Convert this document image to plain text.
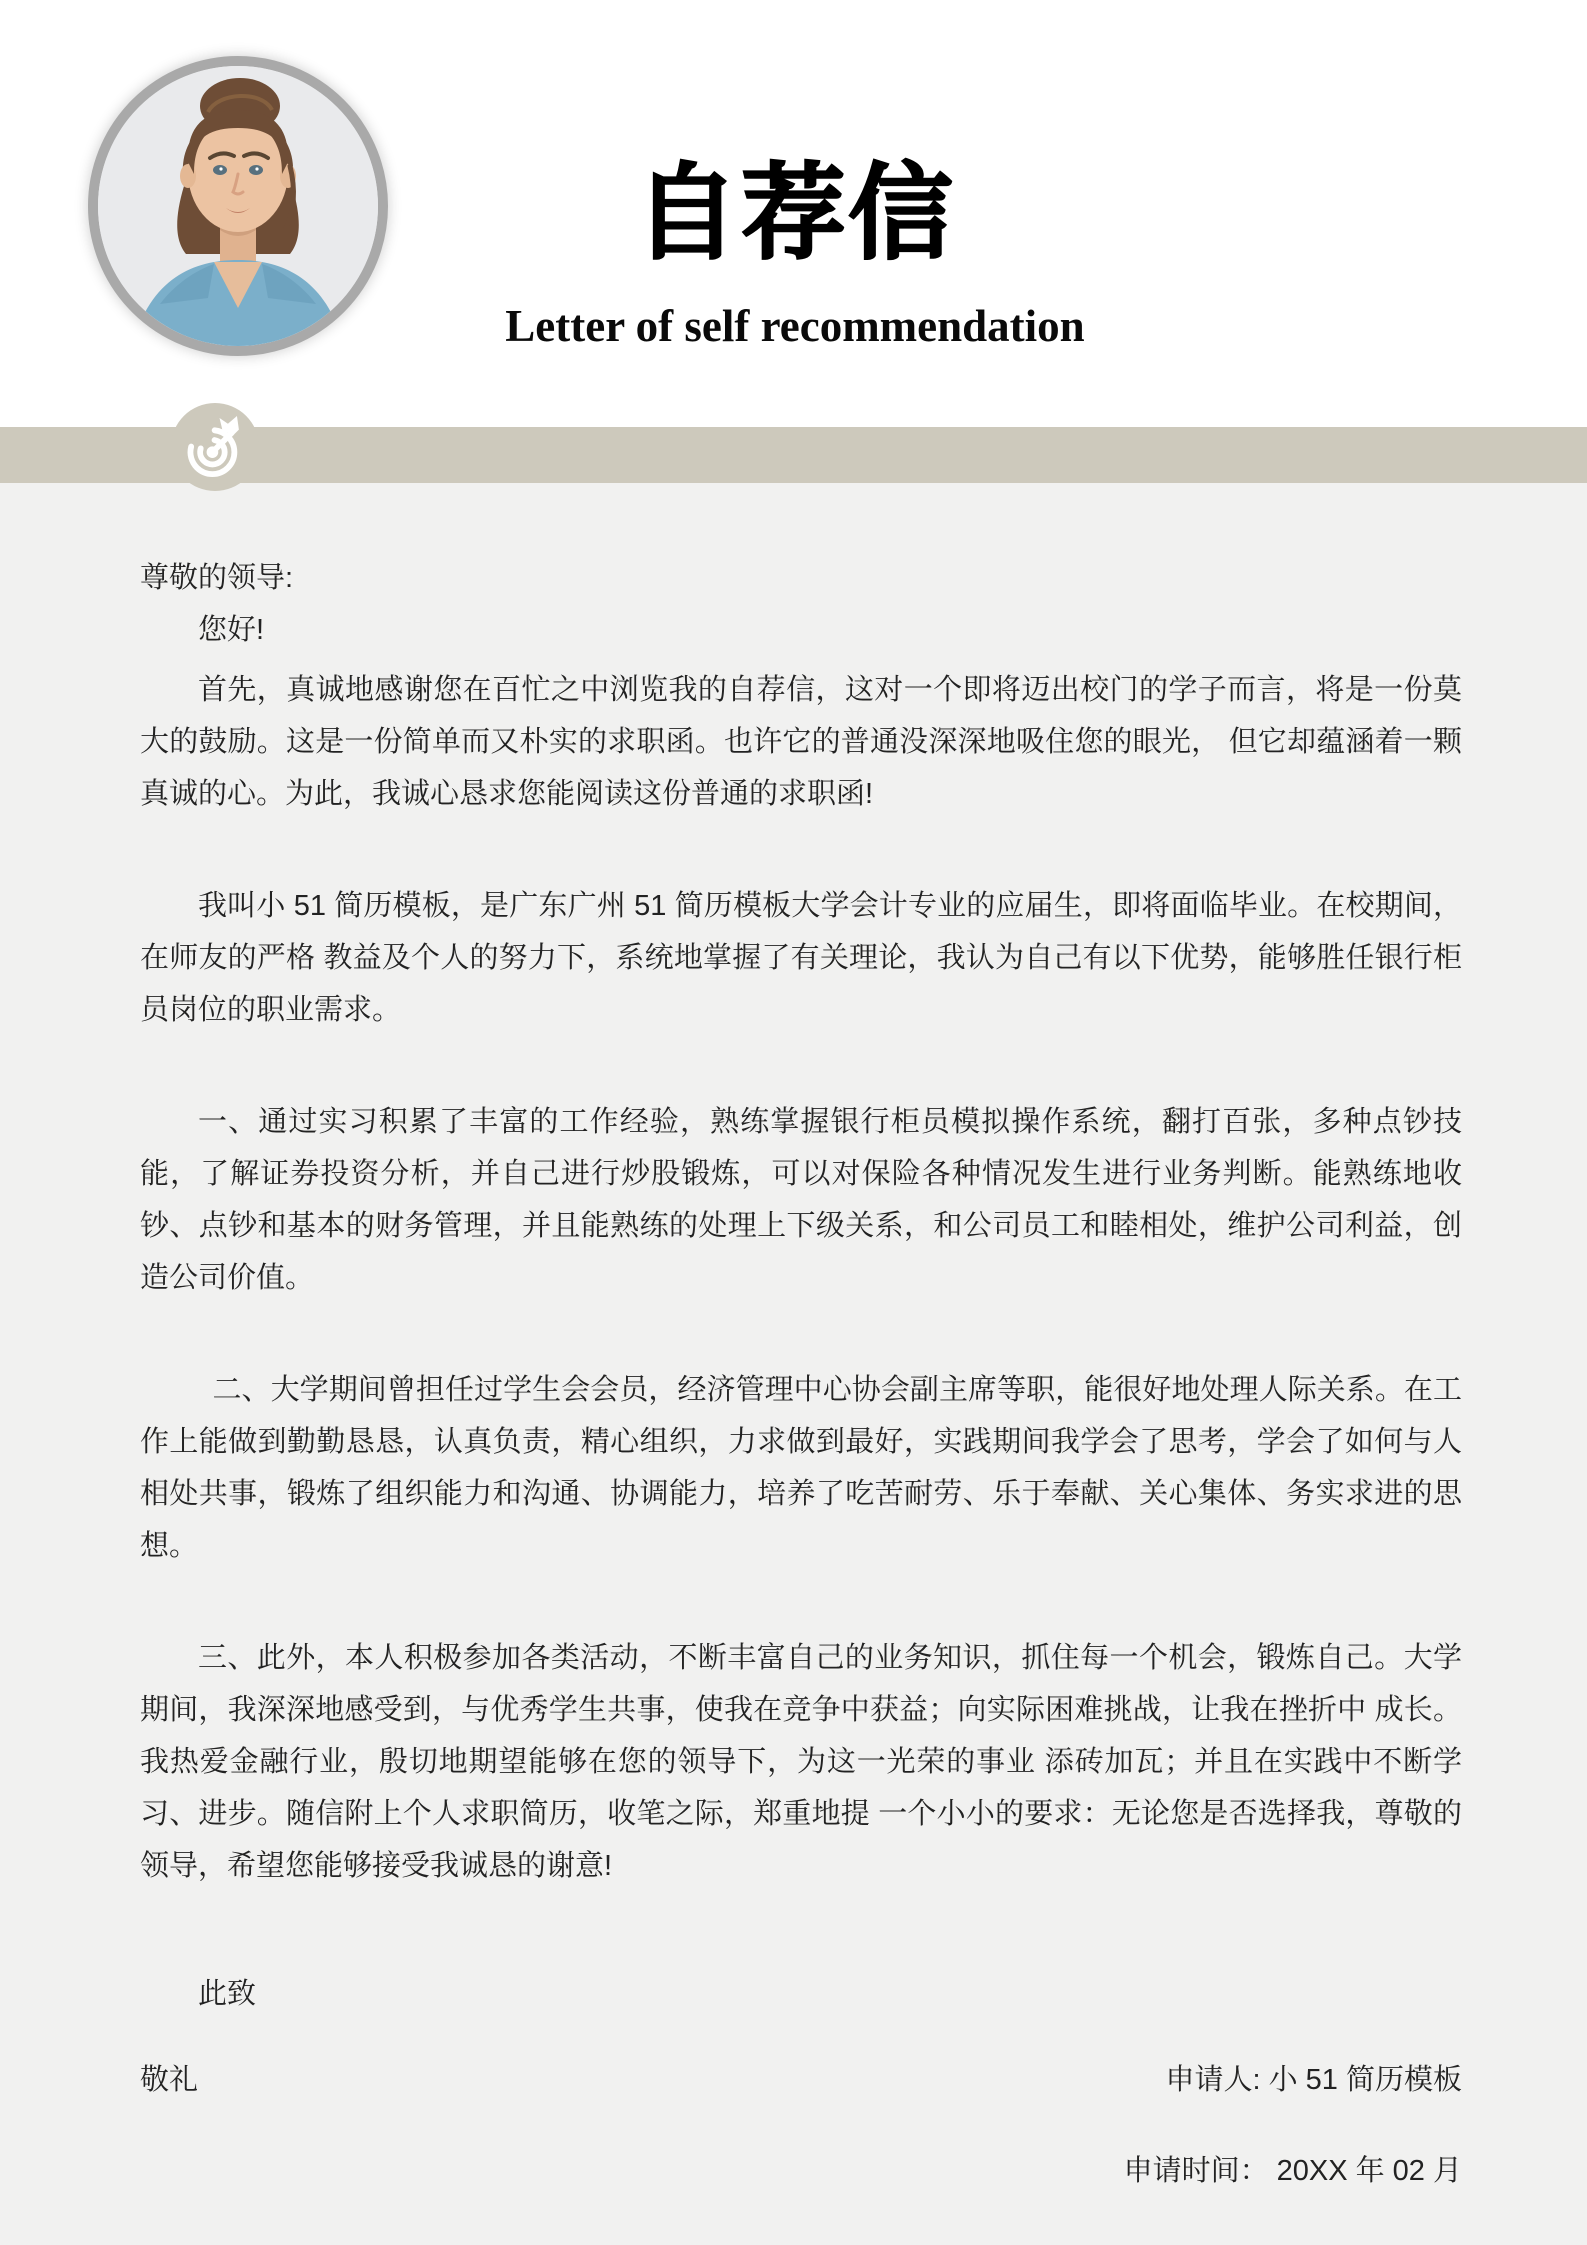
自荐信
Letter of self recommendation

尊敬的领导:

您好!

首先，真诚地感谢您在百忙之中浏览我的自荐信，这对一个即将迈出校门的学子而言，将是一份莫大的鼓励。这是一份简单而又朴实的求职函。也许它的普通没深深地吸住您的眼光， 但它却蕴涵着一颗真诚的心。为此，我诚心恳求您能阅读这份普通的求职函!

我叫小 51 简历模板，是广东广州 51 简历模板大学会计专业的应届生，即将面临毕业。在校期间，在师友的严格 教益及个人的努力下，系统地掌握了有关理论，我认为自己有以下优势，能够胜任银行柜员岗位的职业需求。

一、通过实习积累了丰富的工作经验，熟练掌握银行柜员模拟操作系统，翻打百张，多种点钞技能，了解证券投资分析，并自己进行炒股锻炼，可以对保险各种情况发生进行业务判断。能熟练地收钞、点钞和基本的财务管理，并且能熟练的处理上下级关系，和公司员工和睦相处，维护公司利益，创造公司价值。

二、大学期间曾担任过学生会会员，经济管理中心协会副主席等职，能很好地处理人际关系。在工作上能做到勤勤恳恳，认真负责，精心组织，力求做到最好，实践期间我学会了思考，学会了如何与人相处共事，锻炼了组织能力和沟通、协调能力，培养了吃苦耐劳、乐于奉献、关心集体、务实求进的思想。

三、此外，本人积极参加各类活动，不断丰富自己的业务知识，抓住每一个机会，锻炼自己。大学期间，我深深地感受到，与优秀学生共事，使我在竞争中获益；向实际困难挑战，让我在挫折中 成长。我热爱金融行业，殷切地期望能够在您的领导下，为这一光荣的事业 添砖加瓦；并且在实践中不断学习、进步。随信附上个人求职简历，收笔之际，郑重地提 一个小小的要求：无论您是否选择我，尊敬的领导，希望您能够接受我诚恳的谢意!

此致

敬礼	申请人: 小 51 简历模板
申请时间： 20XX 年 02 月
